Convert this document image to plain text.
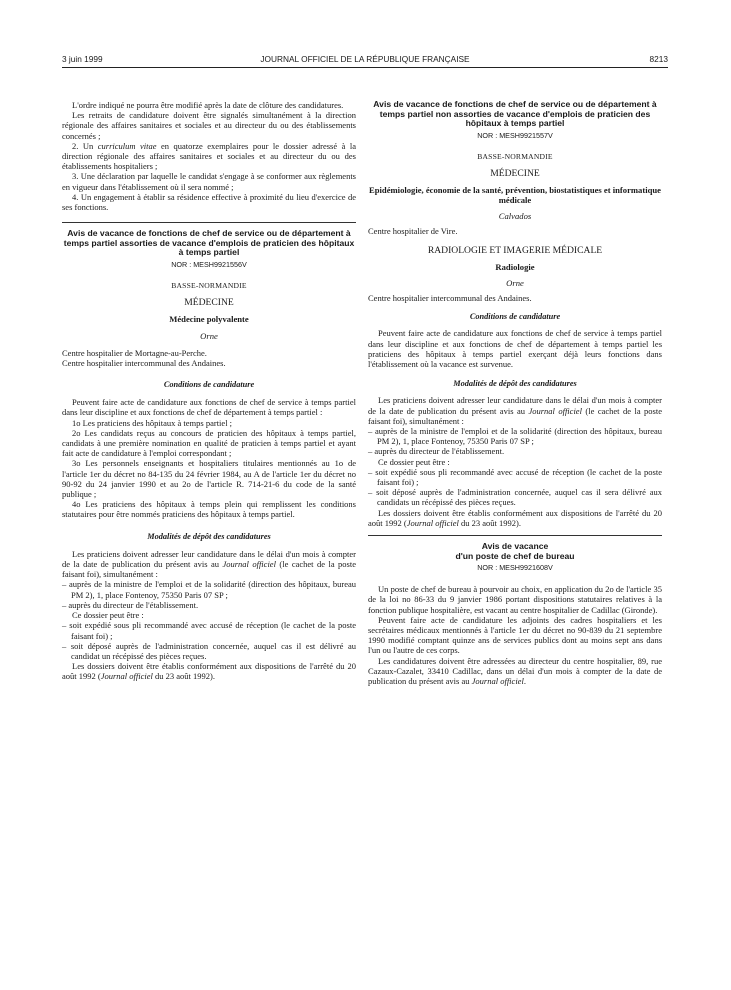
3 juin 1999	JOURNAL OFFICIEL DE LA RÉPUBLIQUE FRANÇAISE	8213

L'ordre indiqué ne pourra être modifié après la date de clôture des candidatures.

Les retraits de candidature doivent être signalés simultanément à la direction régionale des affaires sanitaires et sociales et au directeur du ou des établissements concernés ;

2. Un curriculum vitae en quatorze exemplaires pour le dossier adressé à la direction régionale des affaires sanitaires et sociales et au directeur du ou des établissements hospitaliers ;

3. Une déclaration par laquelle le candidat s'engage à se conformer aux règlements en vigueur dans l'établissement où il sera nommé ;

4. Un engagement à établir sa résidence effective à proximité du lieu d'exercice de ses fonctions.

Avis de vacance de fonctions de chef de service ou de département à temps partiel assorties de vacance d'emplois de praticien des hôpitaux à temps partiel

NOR : MESH9921556V

BASSE-NORMANDIE

MÉDECINE

Médecine polyvalente

Orne

Centre hospitalier de Mortagne-au-Perche.

Centre hospitalier intercommunal des Andaines.

Conditions de candidature

Peuvent faire acte de candidature aux fonctions de chef de service à temps partiel dans leur discipline et aux fonctions de chef de département à temps partiel :

1o Les praticiens des hôpitaux à temps partiel ;

2o Les candidats reçus au concours de praticien des hôpitaux à temps partiel, candidats à une première nomination en qualité de praticien à temps partiel et ayant fait acte de candidature à l'emploi correspondant ;

3o Les personnels enseignants et hospitaliers titulaires mentionnés au 1o de l'article 1er du décret no 84-135 du 24 février 1984, au A de l'article 1er du décret no 90-92 du 24 janvier 1990 et au 2o de l'article R. 714-21-6 du code de la santé publique ;

4o Les praticiens des hôpitaux à temps plein qui remplissent les conditions statutaires pour être nommés praticiens des hôpitaux à temps partiel.

Modalités de dépôt des candidatures

Les praticiens doivent adresser leur candidature dans le délai d'un mois à compter de la date de publication du présent avis au Journal officiel (le cachet de la poste faisant foi), simultanément :

– auprès de la ministre de l'emploi et de la solidarité (direction des hôpitaux, bureau PM 2), 1, place Fontenoy, 75350 Paris 07 SP ;

– auprès du directeur de l'établissement.

Ce dossier peut être :

– soit expédié sous pli recommandé avec accusé de réception (le cachet de la poste faisant foi) ;

– soit déposé auprès de l'administration concernée, auquel cas il est délivré au candidat un récépissé des pièces reçues.

Les dossiers doivent être établis conformément aux dispositions de l'arrêté du 20 août 1992 (Journal officiel du 23 août 1992).

Avis de vacance de fonctions de chef de service ou de département à temps partiel non assorties de vacance d'emplois de praticien des hôpitaux à temps partiel

NOR : MESH9921557V

BASSE-NORMANDIE

MÉDECINE

Epidémiologie, économie de la santé, prévention, biostatistiques et informatique médicale

Calvados

Centre hospitalier de Vire.

RADIOLOGIE ET IMAGERIE MÉDICALE

Radiologie

Orne

Centre hospitalier intercommunal des Andaines.

Conditions de candidature

Peuvent faire acte de candidature aux fonctions de chef de service à temps partiel dans leur discipline et aux fonctions de chef de département à temps partiel les praticiens des hôpitaux à temps partiel exerçant déjà leurs fonctions dans l'établissement où la vacance est survenue.

Modalités de dépôt des candidatures

Les praticiens doivent adresser leur candidature dans le délai d'un mois à compter de la date de publication du présent avis au Journal officiel (le cachet de la poste faisant foi), simultanément :

– auprès de la ministre de l'emploi et de la solidarité (direction des hôpitaux, bureau PM 2), 1, place Fontenoy, 75350 Paris 07 SP ;

– auprès du directeur de l'établissement.

Ce dossier peut être :

– soit expédié sous pli recommandé avec accusé de réception (le cachet de la poste faisant foi) ;

– soit déposé auprès de l'administration concernée, auquel cas il sera délivré aux candidats un récépissé des pièces reçues.

Les dossiers doivent être établis conformément aux dispositions de l'arrêté du 20 août 1992 (Journal officiel du 23 août 1992).

Avis de vacance

d'un poste de chef de bureau

NOR : MESH9921608V

Un poste de chef de bureau à pourvoir au choix, en application du 2o de l'article 35 de la loi no 86-33 du 9 janvier 1986 portant dispositions statutaires relatives à la fonction publique hospitalière, est vacant au centre hospitalier de Cadillac (Gironde).

Peuvent faire acte de candidature les adjoints des cadres hospitaliers et les secrétaires médicaux mentionnés à l'article 1er du décret no 90-839 du 21 septembre 1990 modifié comptant quinze ans de services publics dont au moins sept ans dans l'un ou l'autre de ces corps.

Les candidatures doivent être adressées au directeur du centre hospitalier, 89, rue Cazaux-Cazalet, 33410 Cadillac, dans un délai d'un mois à compter de la date de publication du présent avis au Journal officiel.
